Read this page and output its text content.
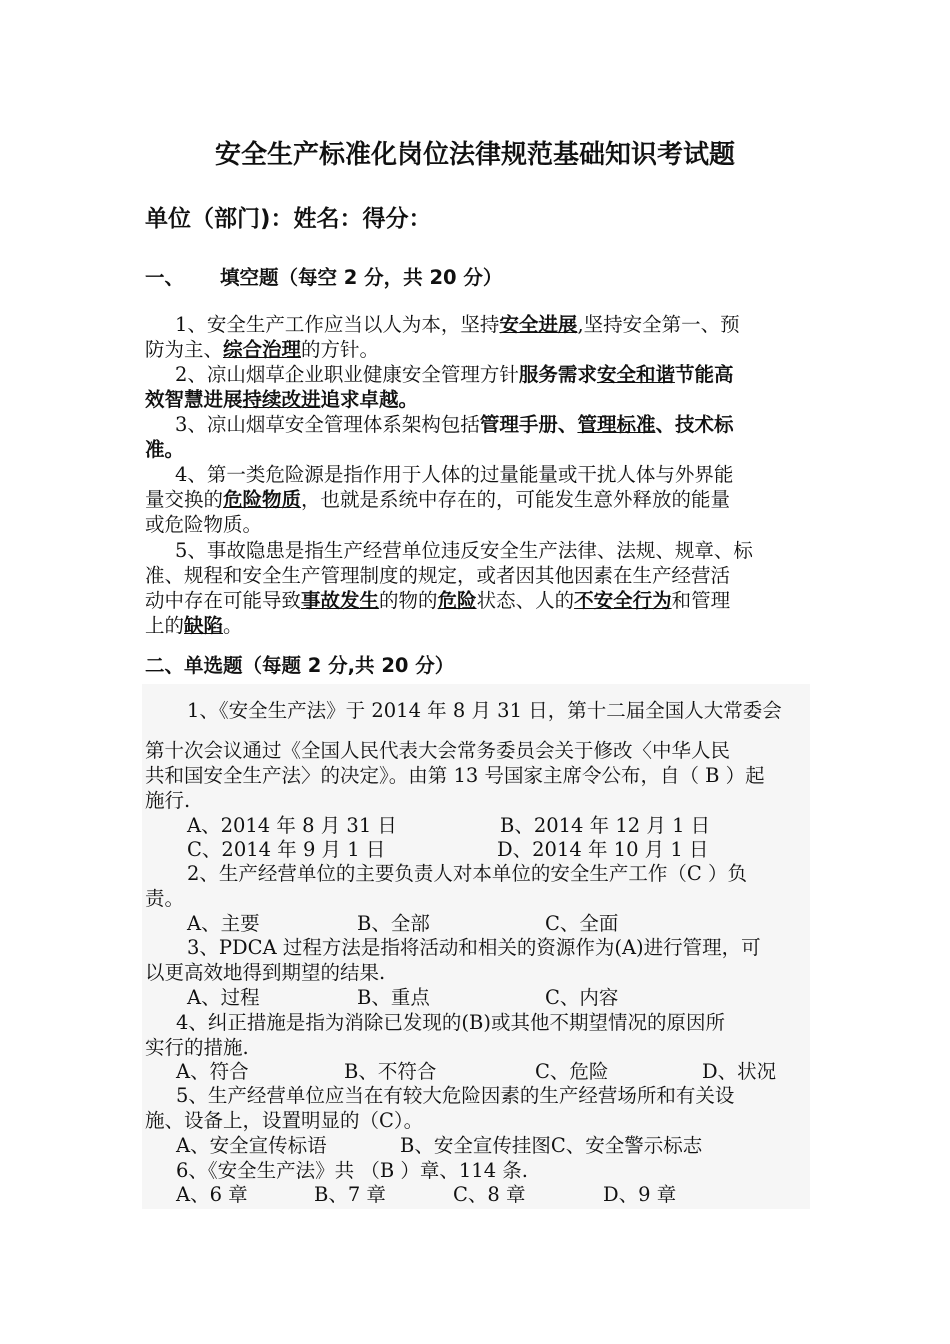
安全生产标准化岗位法律规范基础知识考试题
单位（部门)：姓名：得分：
一、 填空题（每空 2 分，共 20 分）
1、安全生产工作应当以人为本，坚持安全进展,坚持安全第一、预
防为主、综合治理的方针。
2、凉山烟草企业职业健康安全管理方针服务需求安全和谐节能高
效智慧进展持续改进追求卓越。
3、凉山烟草安全管理体系架构包括管理手册、管理标准、技术标
准。
4、第一类危险源是指作用于人体的过量能量或干扰人体与外界能
量交换的危险物质，也就是系统中存在的，可能发生意外释放的能量
或危险物质。
5、事故隐患是指生产经营单位违反安全生产法律、法规、规章、标
准、规程和安全生产管理制度的规定，或者因其他因素在生产经营活
动中存在可能导致事故发生的物的危险状态、人的不安全行为和管理
上的缺陷。
二、单选题（每题 2 分,共 20 分）
1、《安全生产法》于 2014 年 8 月 31 日，第十二届全国人大常委会
第十次会议通过《全国人民代表大会常务委员会关于修改〈中华人民
共和国安全生产法〉的决定》。由第 13 号国家主席令公布，自（ B ）起
施行.
A、2014 年 8 月 31 日	B、2014 年 12 月 1 日
C、2014 年 9 月 1 日	D、2014 年 10 月 1 日
2、生产经营单位的主要负责人对本单位的安全生产工作（C ）负
责。
A、主要	B、全部	C、全面
3、PDCA 过程方法是指将活动和相关的资源作为(A)进行管理，可
以更高效地得到期望的结果.
A、过程	B、重点	C、内容
4、纠正措施是指为消除已发现的(B)或其他不期望情况的原因所
实行的措施.
A、符合	B、不符合	C、危险	D、状况
5、生产经营单位应当在有较大危险因素的生产经营场所和有关设
施、设备上，设置明显的（C）。
A、安全宣传标语	B、安全宣传挂图C、安全警示标志
6、《安全生产法》共 （B ）章、114 条.
A、6 章	B、7 章	C、8 章	D、9 章
